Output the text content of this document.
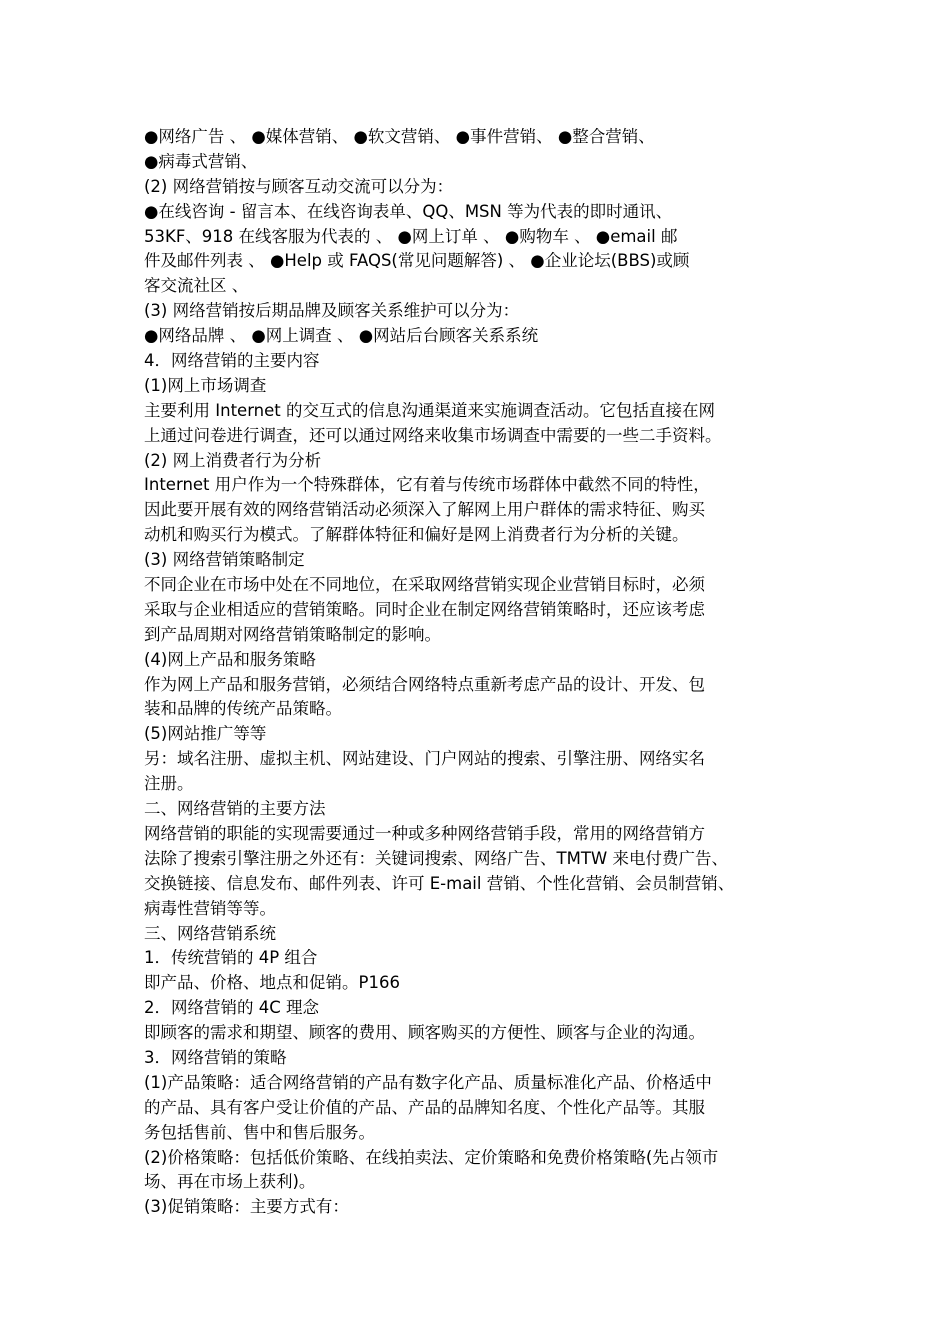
●网络广告 、 ●媒体营销、 ●软文营销、 ●事件营销、 ●整合营销、
●病毒式营销、
(2) 网络营销按与顾客互动交流可以分为：
●在线咨询 - 留言本、在线咨询表单、QQ、MSN 等为代表的即时通讯、
53KF、918 在线客服为代表的 、 ●网上订单 、 ●购物车 、 ●email 邮
件及邮件列表 、 ●Help 或 FAQS(常见问题解答) 、 ●企业论坛(BBS)或顾
客交流社区 、
(3) 网络营销按后期品牌及顾客关系维护可以分为：
●网络品牌 、 ●网上调查 、 ●网站后台顾客关系系统
4．网络营销的主要内容
(1)网上市场调查
主要利用 Internet 的交互式的信息沟通渠道来实施调查活动。它包括直接在网
上通过问卷进行调查，还可以通过网络来收集市场调查中需要的一些二手资料。
(2) 网上消费者行为分析
Internet 用户作为一个特殊群体，它有着与传统市场群体中截然不同的特性，
因此要开展有效的网络营销活动必须深入了解网上用户群体的需求特征、购买
动机和购买行为模式。了解群体特征和偏好是网上消费者行为分析的关键。
(3) 网络营销策略制定
不同企业在市场中处在不同地位，在采取网络营销实现企业营销目标时，必须
采取与企业相适应的营销策略。同时企业在制定网络营销策略时，还应该考虑
到产品周期对网络营销策略制定的影响。
(4)网上产品和服务策略
作为网上产品和服务营销，必须结合网络特点重新考虑产品的设计、开发、包
装和品牌的传统产品策略。
(5)网站推广等等
另：域名注册、虚拟主机、网站建设、门户网站的搜索、引擎注册、网络实名
注册。
二、网络营销的主要方法
网络营销的职能的实现需要通过一种或多种网络营销手段，常用的网络营销方
法除了搜索引擎注册之外还有：关键词搜索、网络广告、TMTW 来电付费广告、
交换链接、信息发布、邮件列表、许可 E-mail 营销、个性化营销、会员制营销、
病毒性营销等等。
三、网络营销系统
1．传统营销的 4P 组合
即产品、价格、地点和促销。P166
2．网络营销的 4C 理念
即顾客的需求和期望、顾客的费用、顾客购买的方便性、顾客与企业的沟通。
3．网络营销的策略
(1)产品策略：适合网络营销的产品有数字化产品、质量标准化产品、价格适中
的产品、具有客户受让价值的产品、产品的品牌知名度、个性化产品等。其服
务包括售前、售中和售后服务。
(2)价格策略：包括低价策略、在线拍卖法、定价策略和免费价格策略(先占领市
场、再在市场上获利)。
(3)促销策略：主要方式有：
